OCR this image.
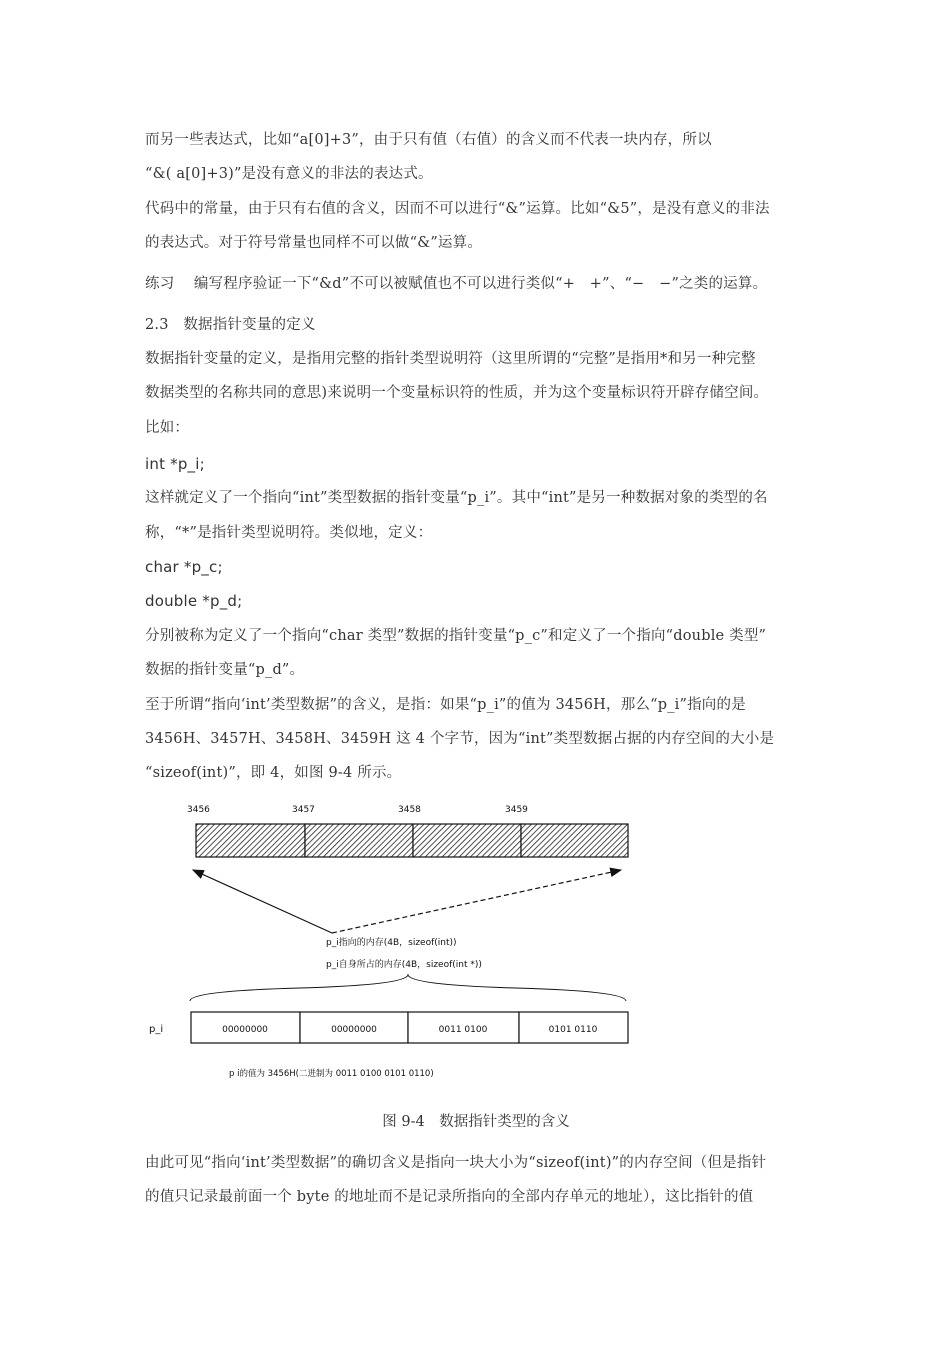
而另一些表达式，比如“a[0]+3”，由于只有值（右值）的含义而不代表一块内存，所以
“&( a[0]+3)”是没有意义的非法的表达式。
代码中的常量，由于只有右值的含义，因而不可以进行“&”运算。比如“&5”，是没有意义的非法
的表达式。对于符号常量也同样不可以做“&”运算。
练习　 编写程序验证一下“&d”不可以被赋值也不可以进行类似“+　+”、“−　−”之类的运算。
2.3　数据指针变量的定义
数据指针变量的定义，是指用完整的指针类型说明符（这里所谓的“完整”是指用*和另一种完整
数据类型的名称共同的意思)来说明一个变量标识符的性质，并为这个变量标识符开辟存储空间。
比如：
int *p_i;
这样就定义了一个指向“int”类型数据的指针变量“p_i”。其中“int”是另一种数据对象的类型的名
称，“*”是指针类型说明符。类似地，定义：
char *p_c;
double *p_d;
分别被称为定义了一个指向“char 类型”数据的指针变量“p_c”和定义了一个指向“double 类型”
数据的指针变量“p_d”。
至于所谓“指向‘int’类型数据”的含义，是指：如果“p_i”的值为 3456H，那么“p_i”指向的是
3456H、3457H、3458H、3459H 这 4 个字节，因为“int”类型数据占据的内存空间的大小是
“sizeof(int)”，即 4，如图 9-4 所示。
3456	3457	3458	3459
p_i指向的内存(4B，sizeof(int))
p_i自身所占的内存(4B，sizeof(int *))
p_i	00000000	00000000	0011 0100	0101 0110
p i的值为 3456H(二进制为 0011 0100 0101 0110)
图 9-4　数据指针类型的含义
由此可见“指向‘int’类型数据”的确切含义是指向一块大小为“sizeof(int)”的内存空间（但是指针
的值只记录最前面一个 byte 的地址而不是记录所指向的全部内存单元的地址），这比指针的值
